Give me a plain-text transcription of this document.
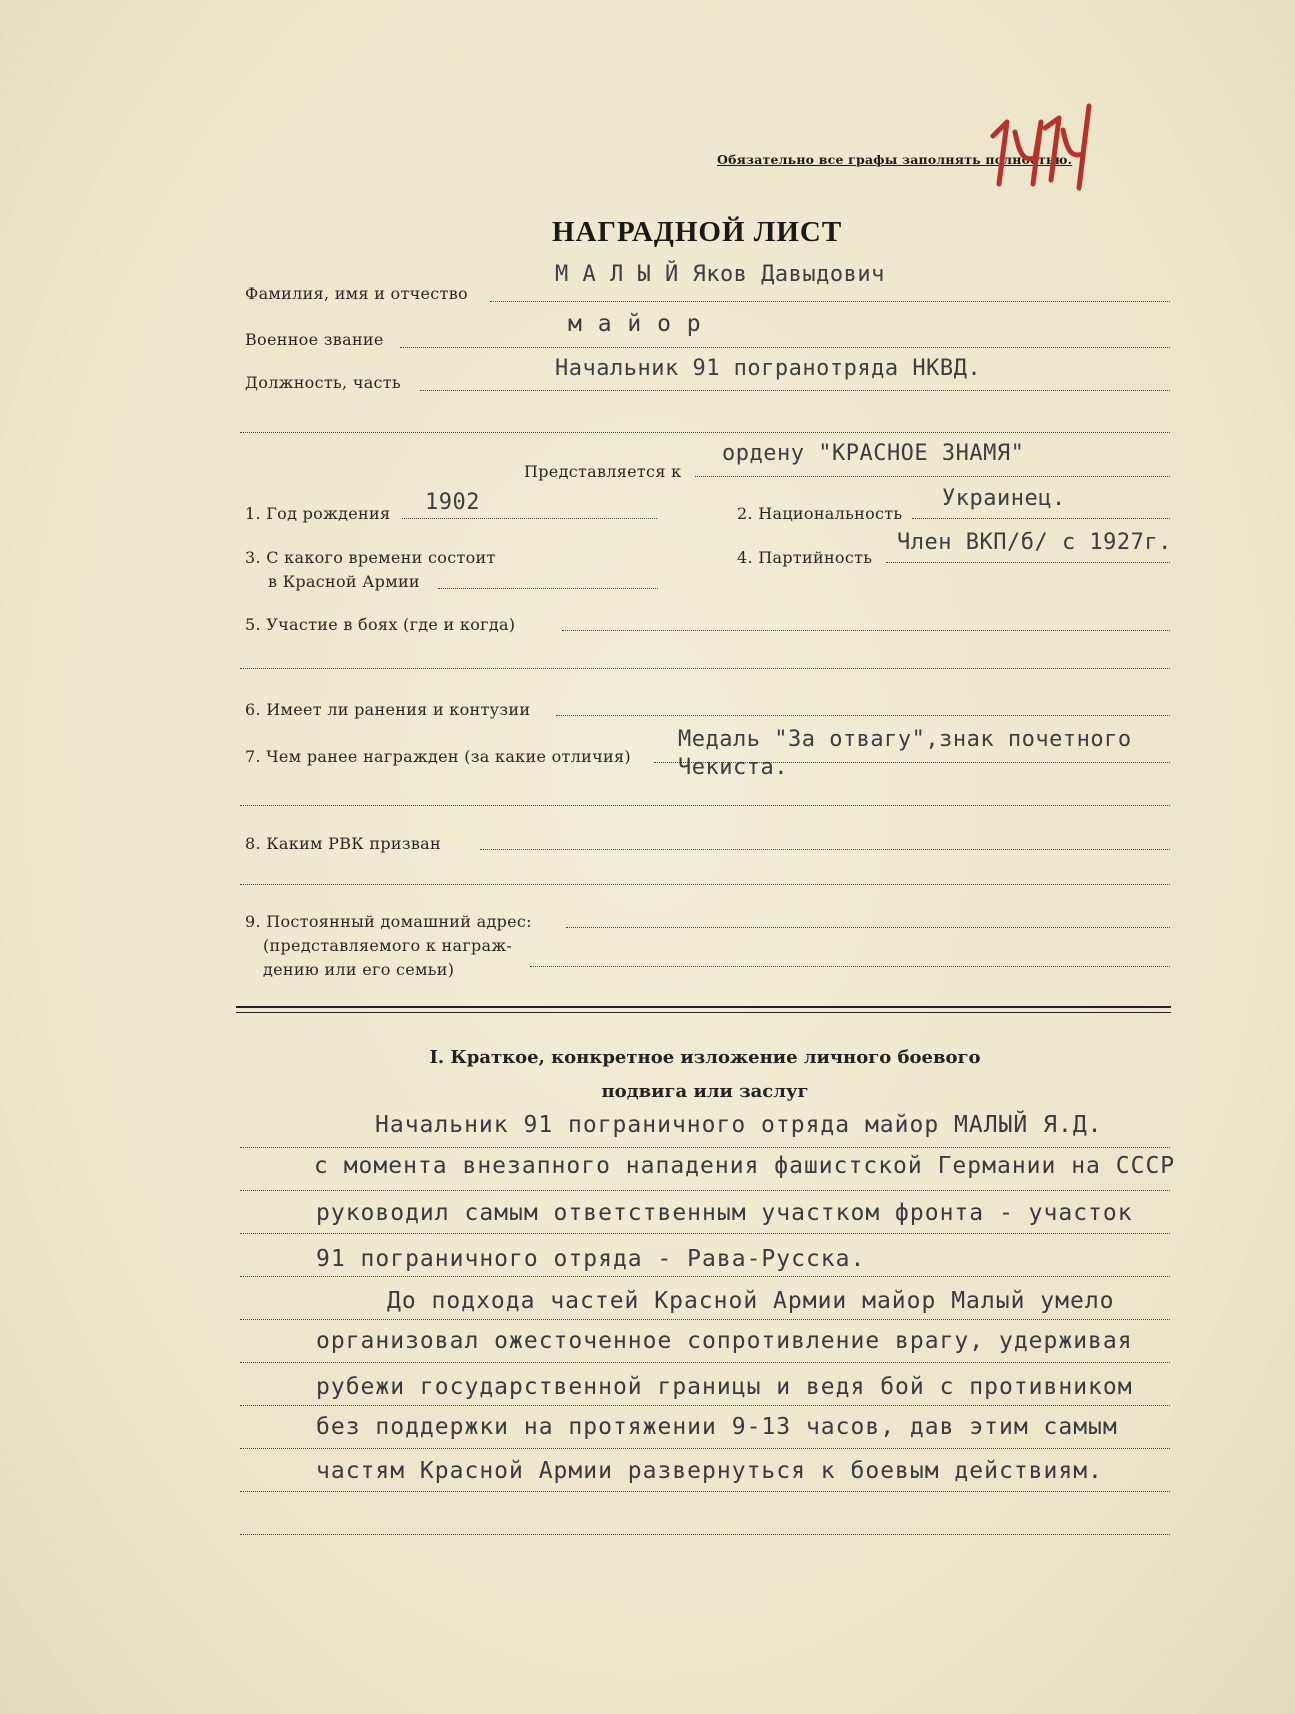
Обязательно все графы заполнять полностью.
НАГРАДНОЙ ЛИСТ
Фамилия, имя и отчество
М А Л Ы Й Яков Давыдович
Военное звание
м а й о р
Должность, часть
Начальник 91 погранотряда НКВД.
Представляется к
ордену "КРАСНОЕ ЗНАМЯ"
1. Год рождения 1902	2. Национальность
Украинец.
3. С какого времени состоит
в Красной Армии
4. Партийность
Член ВКП/б/ с 1927г.
5. Участие в боях (где и когда)
6. Имеет ли ранения и контузии
7. Чем ранее награжден (за какие отличия)
Медаль "За отвагу",знак почетного
Чекиста.
8. Каким РВК призван
9. Постоянный домашний адрес:
(представляемого к награж-
дению или его семьи)
I. Краткое, конкретное изложение личного боевого
подвига или заслуг
Начальник 91 пограничного отряда майор МАЛЫЙ Я.Д.
с момента внезапного нападения фашистской Германии на СССР
руководил самым ответственным участком фронта - участок
91 пограничного отряда - Рава-Русска.
До подхода частей Красной Армии майор Малый умело
организовал ожесточенное сопротивление врагу, удерживая
рубежи государственной границы и ведя бой с противником
без поддержки на протяжении 9-13 часов, дав этим самым
частям Красной Армии развернуться к боевым действиям.
